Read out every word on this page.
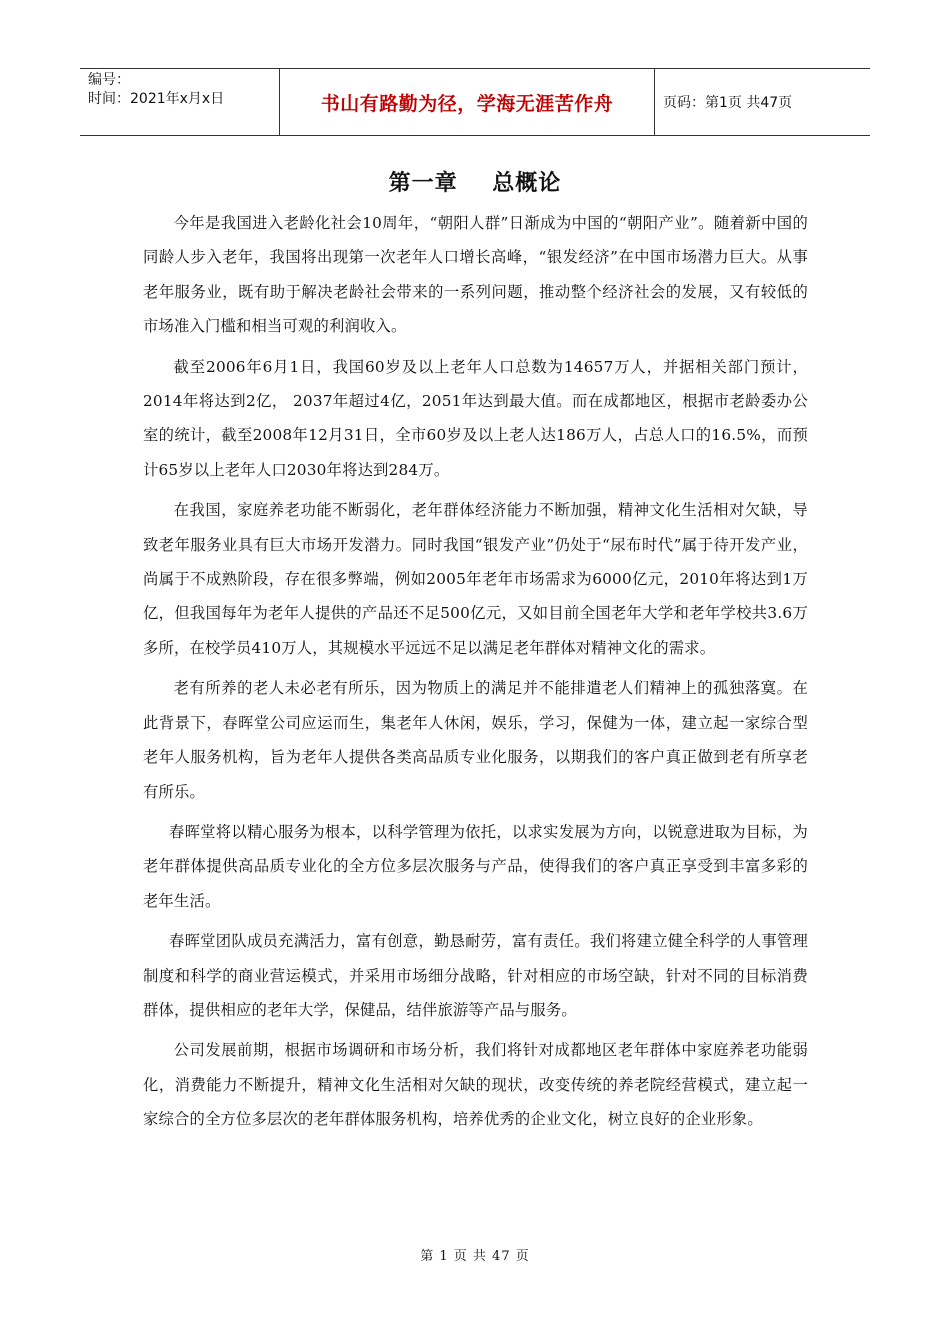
编号：
时间：2021年x月x日	书山有路勤为径，学海无涯苦作舟	页码：第1页 共47页
第一章    总概论

今年是我国进入老龄化社会10周年，“朝阳人群”日渐成为中国的“朝阳产业”。随着新中国的同龄人步入老年，我国将出现第一次老年人口增长高峰，“银发经济”在中国市场潜力巨大。从事老年服务业，既有助于解决老龄社会带来的一系列问题，推动整个经济社会的发展，又有较低的市场准入门槛和相当可观的利润收入。

截至2006年6月1日，我国60岁及以上老年人口总数为14657万人，并据相关部门预计，2014年将达到2亿， 2037年超过4亿，2051年达到最大值。而在成都地区，根据市老龄委办公室的统计，截至2008年12月31日，全市60岁及以上老人达186万人，占总人口的16.5%，而预计65岁以上老年人口2030年将达到284万。

在我国，家庭养老功能不断弱化，老年群体经济能力不断加强，精神文化生活相对欠缺，导致老年服务业具有巨大市场开发潜力。同时我国“银发产业”仍处于“尿布时代”属于待开发产业，尚属于不成熟阶段，存在很多弊端，例如2005年老年市场需求为6000亿元，2010年将达到1万亿，但我国每年为老年人提供的产品还不足500亿元，又如目前全国老年大学和老年学校共3.6万多所，在校学员410万人，其规模水平远远不足以满足老年群体对精神文化的需求。

老有所养的老人未必老有所乐，因为物质上的满足并不能排遣老人们精神上的孤独落寞。在此背景下，春晖堂公司应运而生，集老年人休闲，娱乐，学习，保健为一体，建立起一家综合型老年人服务机构，旨为老年人提供各类高品质专业化服务，以期我们的客户真正做到老有所享老有所乐。

春晖堂将以精心服务为根本，以科学管理为依托，以求实发展为方向，以锐意进取为目标，为老年群体提供高品质专业化的全方位多层次服务与产品，使得我们的客户真正享受到丰富多彩的老年生活。

春晖堂团队成员充满活力，富有创意，勤恳耐劳，富有责任。我们将建立健全科学的人事管理制度和科学的商业营运模式，并采用市场细分战略，针对相应的市场空缺，针对不同的目标消费群体，提供相应的老年大学，保健品，结伴旅游等产品与服务。

公司发展前期，根据市场调研和市场分析，我们将针对成都地区老年群体中家庭养老功能弱化，消费能力不断提升，精神文化生活相对欠缺的现状，改变传统的养老院经营模式，建立起一家综合的全方位多层次的老年群体服务机构，培养优秀的企业文化，树立良好的企业形象。

第 1 页 共 47 页
